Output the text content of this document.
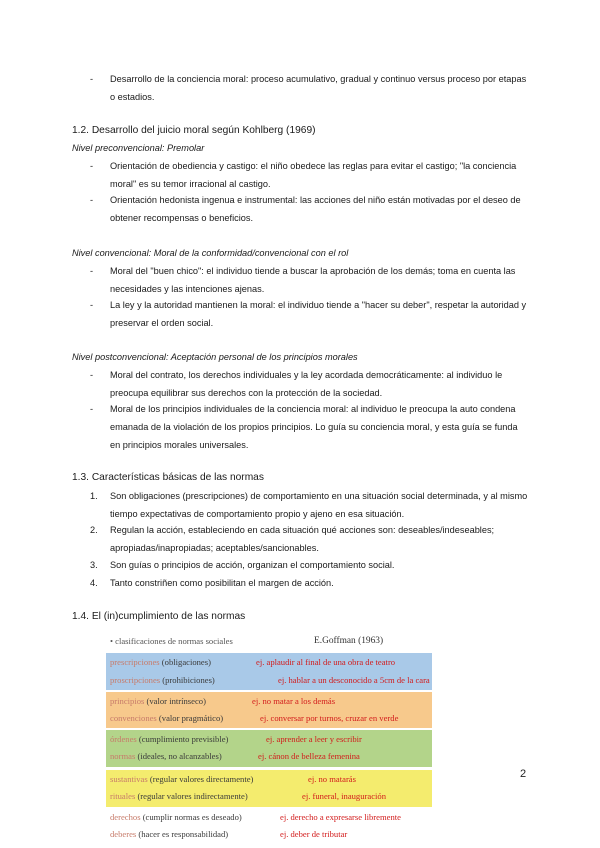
- Desarrollo de la conciencia moral: proceso acumulativo, gradual y continuo versus proceso por etapas o estadios.
1.2. Desarrollo del juicio moral según Kohlberg (1969)
Nivel preconvencional: Premolar
- Orientación de obediencia y castigo: el niño obedece las reglas para evitar el castigo; "la conciencia moral" es su temor irracional al castigo.
- Orientación hedonista ingenua e instrumental: las acciones del niño están motivadas por el deseo de obtener recompensas o beneficios.
Nivel convencional: Moral de la conformidad/convencional con el rol
- Moral del "buen chico": el individuo tiende a buscar la aprobación de los demás; toma en cuenta las necesidades y las intenciones ajenas.
- La ley y la autoridad mantienen la moral: el individuo tiende a "hacer su deber", respetar la autoridad y preservar el orden social.
Nivel postconvencional: Aceptación personal de los principios morales
- Moral del contrato, los derechos individuales y la ley acordada democráticamente: al individuo le preocupa equilibrar sus derechos con la protección de la sociedad.
- Moral de los principios individuales de la conciencia moral: al individuo le preocupa la auto condena emanada de la violación de los propios principios. Lo guía su conciencia moral, y esta guía se funda en principios morales universales.
1.3. Características básicas de las normas
1. Son obligaciones (prescripciones) de comportamiento en una situación social determinada, y al mismo tiempo expectativas de comportamiento propio y ajeno en esa situación.
2. Regulan la acción, estableciendo en cada situación qué acciones son: deseables/indeseables; apropiadas/inapropiadas; aceptables/sancionables.
3. Son guías o principios de acción, organizan el comportamiento social.
4. Tanto constriñen como posibilitan el margen de acción.
1.4. El (in)cumplimiento de las normas
• clasificaciones de normas sociales	E.Goffman (1963)
prescripciones (obligaciones)	ej. aplaudir al final de una obra de teatro
proscripciones (prohibiciones)	ej. hablar a un desconocido a 5cm de la cara
principios (valor intrínseco)	ej. no matar a los demás
convenciones (valor pragmático)	ej. conversar por turnos, cruzar en verde
órdenes (cumplimiento previsible)	ej. aprender a leer y escribir
normas (ideales, no alcanzables)	ej. cánon de belleza femenina
sustantivas (regular valores directamente)	ej. no matarás
rituales (regular valores indirectamente)	ej. funeral, inauguración
derechos (cumplir normas es deseado)	ej. derecho a expresarse libremente
deberes (hacer es responsabilidad)	ej. deber de tributar
2
